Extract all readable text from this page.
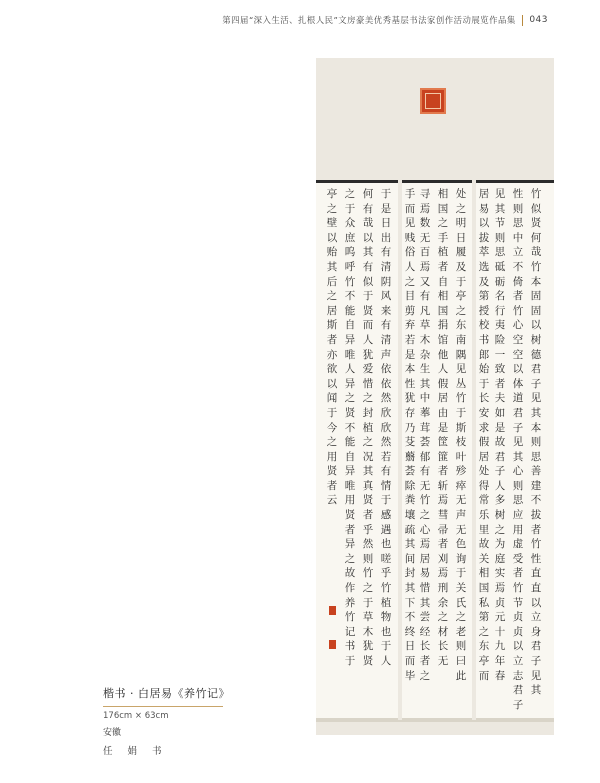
第四届“深入生活、扎根人民”文房豪美优秀基层书法家创作活动展览作品集 043
竹似贤何哉竹本固固以树德君子见其本则思善建不拔者竹性直直以立身君子见其
性则思中立不倚者竹心空空以体道君子见其心则思应用虚受者竹节贞贞以立志君子
见其节则思砥砺名行夷险一致者夫如是故君子人多树之为庭实焉贞元十九年春
居易以拔萃选及第授校书郎始于长安求假居处得常乐里故关相国私第之东亭而
处之明日履及于亭之东南隅见丛竹于斯枝叶殄瘁无声无色询于关氏之老则曰此
相国之手植者自相国捐馆他人假居由是筐篚者斩焉彗帚者刈焉刑余之材长无
寻焉数无百焉又有凡草木杂生其中菶茸荟郁有无竹之心焉居易惜其尝经长者之
手而见贱俗人之目剪弃若是本性犹存乃芟蘙荟除粪壤疏其间封其下不终日而毕
于是日出有清阴风来有清声依依然欣欣然若有情于感遇也嗟乎竹植物也于人
何有哉以其有似于贤而人犹爱惜之封植之况其真贤者乎然则竹之于草木犹贤
之于众庶呜呼竹不能自异唯人异之贤不能自异唯用贤者异之故作养竹记书于
亭之壁以贻其后之居斯者亦欲以闻于今之用贤者云
楷书 · 白居易《养竹记》
176cm × 63cm
安徽
任 娟 书
